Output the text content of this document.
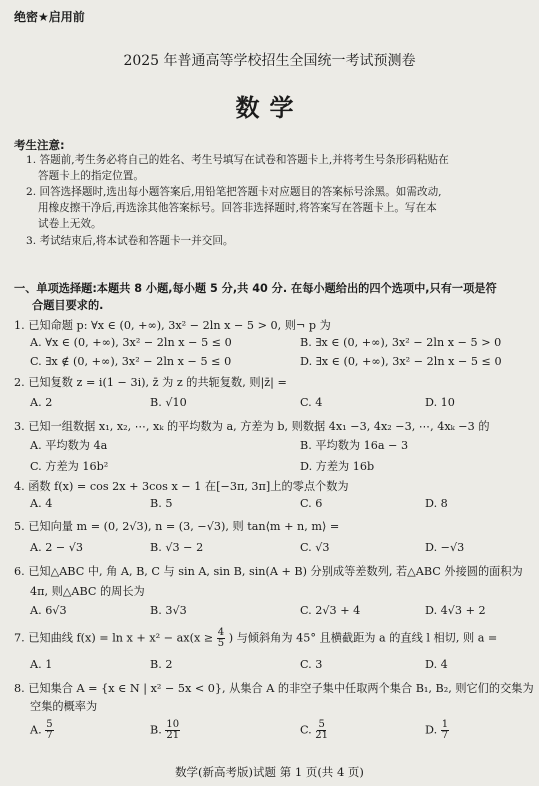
绝密★启用前
2025 年普通高等学校招生全国统一考试预测卷
数学
考生注意:
1. 答题前,考生务必将自己的姓名、考生号填写在试卷和答题卡上,并将考生号条形码粘贴在
答题卡上的指定位置。
2. 回答选择题时,选出每小题答案后,用铅笔把答题卡对应题目的答案标号涂黑。如需改动,
用橡皮擦干净后,再选涂其他答案标号。回答非选择题时,将答案写在答题卡上。写在本
试卷上无效。
3. 考试结束后,将本试卷和答题卡一并交回。
一、单项选择题:本题共 8 小题,每小题 5 分,共 40 分. 在每小题给出的四个选项中,只有一项是符
合题目要求的.
1. 已知命题 p: ∀x ∈ (0, +∞), 3x² − 2ln x − 5 > 0, 则¬ p 为
A. ∀x ∈ (0, +∞), 3x² − 2ln x − 5 ≤ 0	B. ∃x ∈ (0, +∞), 3x² − 2ln x − 5 > 0
C. ∃x ∉ (0, +∞), 3x² − 2ln x − 5 ≤ 0	D. ∃x ∈ (0, +∞), 3x² − 2ln x − 5 ≤ 0
2. 已知复数 z = i(1 − 3i), z̄ 为 z 的共轭复数, 则|z̄| =
A. 2	B. √10	C. 4	D. 10
3. 已知一组数据 x₁, x₂, ⋯, xₖ 的平均数为 a, 方差为 b, 则数据 4x₁ −3, 4x₂ −3, ⋯, 4xₖ −3 的
A. 平均数为 4a	B. 平均数为 16a − 3
C. 方差为 16b²	D. 方差为 16b
4. 函数 f(x) = cos 2x + 3cos x − 1 在[−3π, 3π]上的零点个数为
A. 4	B. 5	C. 6	D. 8
5. 已知向量 m = (0, 2√3), n = (3, −√3), 则 tan⟨m + n, m⟩ =
A. 2 − √3	B. √3 − 2	C. √3	D. −√3
6. 已知△ABC 中, 角 A, B, C 与 sin A, sin B, sin(A + B) 分别成等差数列, 若△ABC 外接圆的面积为
4π, 则△ABC 的周长为
A. 6√3	B. 3√3	C. 2√3 + 4	D. 4√3 + 2
7. 已知曲线 $f(x) = \ln x + x^2 - ax(x \ge \frac{4}{5}$ ) 与倾斜角为 45° 且横截距为 a 的直线 l 相切, 则 a =
A. 1	B. 2	C. 3	D. 4
8. 已知集合 A = {x ∈ N | x² − 5x < 0}, 从集合 A 的非空子集中任取两个集合 B₁, B₂, 则它们的交集为
空集的概率为
A. $\frac{5}{7}$	B. $\frac{10}{21}$	C. $\frac{5}{21}$	D. $\frac{1}{7}$
数学(新高考版)试题 第 1 页(共 4 页)
